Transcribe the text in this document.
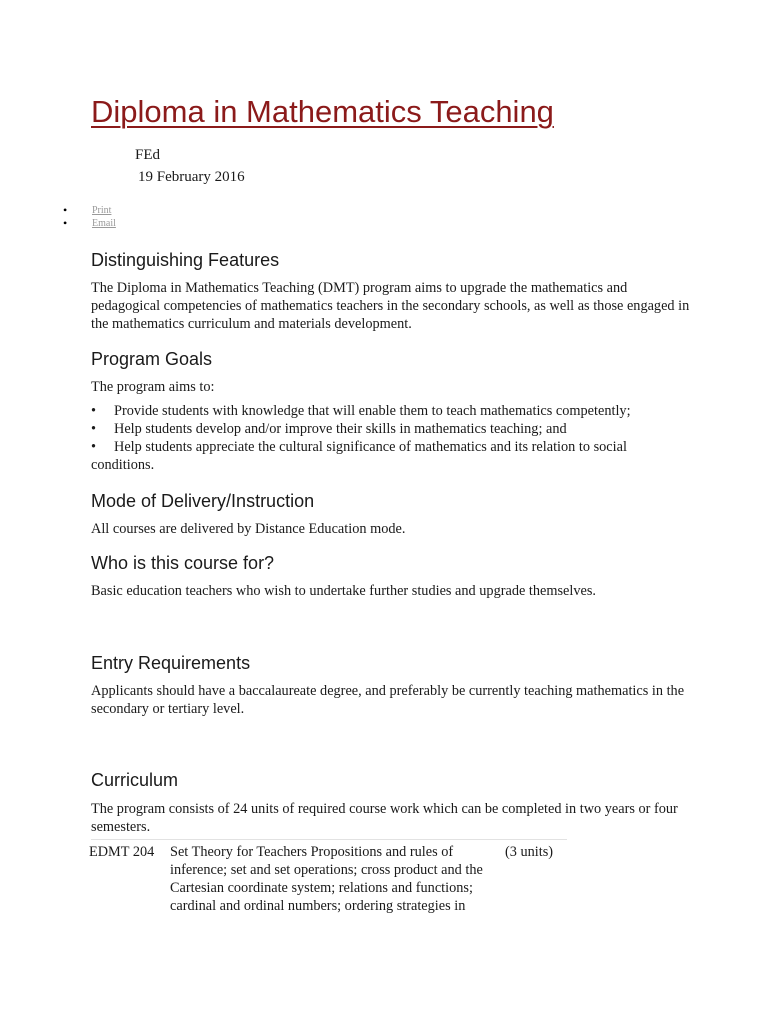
Diploma in Mathematics Teaching
FEd
19 February 2016
• Print
• Email
Distinguishing Features

The Diploma in Mathematics Teaching (DMT) program aims to upgrade the mathematics and pedagogical competencies of mathematics teachers in the secondary schools, as well as those engaged in the mathematics curriculum and materials development.

Program Goals

The program aims to:

• Provide students with knowledge that will enable them to teach mathematics competently;
• Help students develop and/or improve their skills in mathematics teaching; and
• Help students appreciate the cultural significance of mathematics and its relation to social conditions.
Mode of Delivery/Instruction

All courses are delivered by Distance Education mode.

Who is this course for?

Basic education teachers who wish to undertake further studies and upgrade themselves.

Entry Requirements

Applicants should have a baccalaureate degree, and preferably be currently teaching mathematics in the secondary or tertiary level.

Curriculum

The program consists of 24 units of required course work which can be completed in two years or four semesters.

EDMT 204 Set Theory for Teachers Propositions and rules of inference; set and set operations; cross product and the Cartesian coordinate system; relations and functions; cardinal and ordinal numbers; ordering strategies in
(3 units)
